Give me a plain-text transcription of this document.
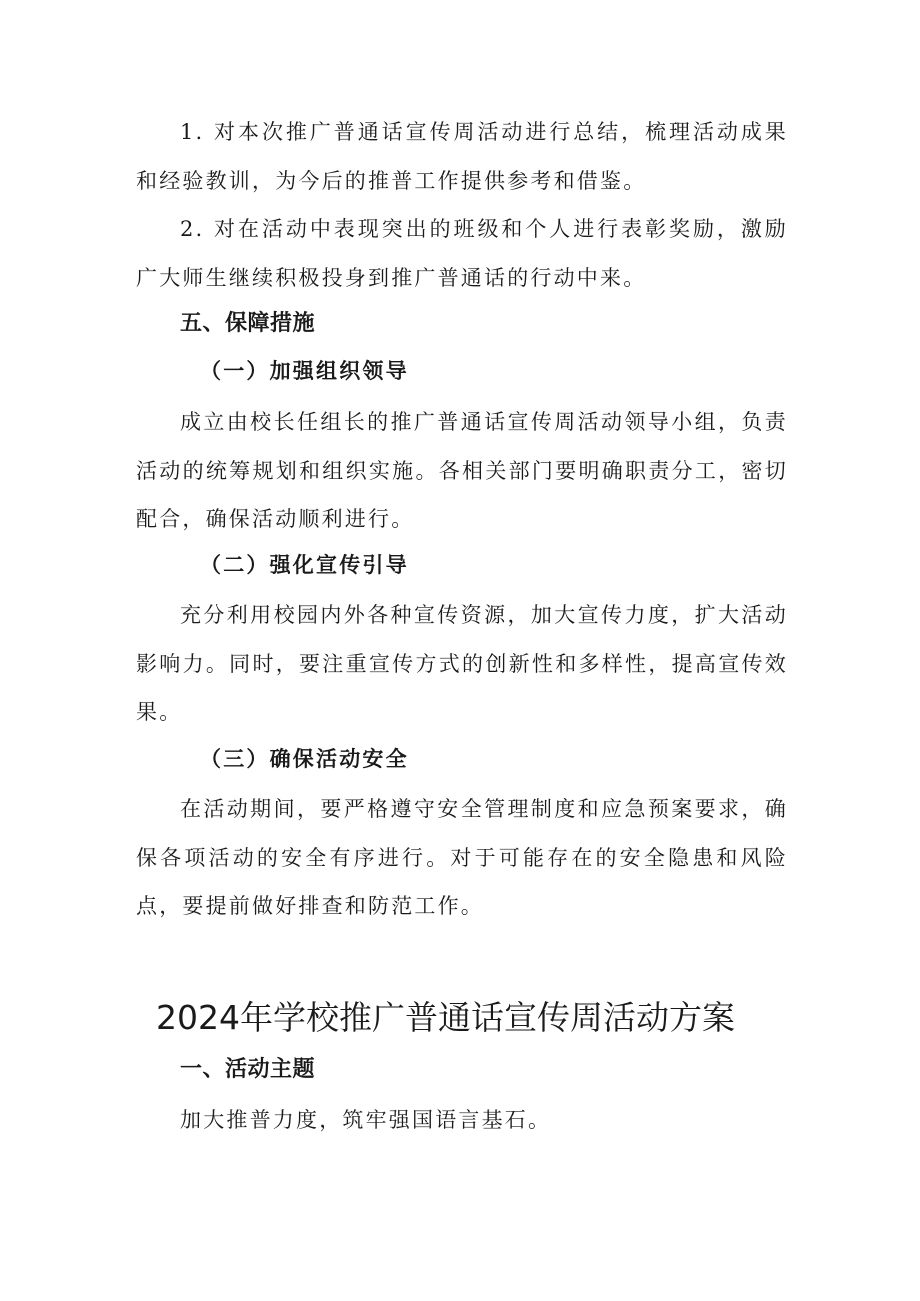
1. 对本次推广普通话宣传周活动进行总结，梳理活动成果和经验教训，为今后的推普工作提供参考和借鉴。

2. 对在活动中表现突出的班级和个人进行表彰奖励，激励广大师生继续积极投身到推广普通话的行动中来。

五、保障措施
（一）加强组织领导

成立由校长任组长的推广普通话宣传周活动领导小组，负责活动的统筹规划和组织实施。各相关部门要明确职责分工，密切配合，确保活动顺利进行。

（二）强化宣传引导

充分利用校园内外各种宣传资源，加大宣传力度，扩大活动影响力。同时，要注重宣传方式的创新性和多样性，提高宣传效果。

（三）确保活动安全

在活动期间，要严格遵守安全管理制度和应急预案要求，确保各项活动的安全有序进行。对于可能存在的安全隐患和风险点，要提前做好排查和防范工作。

2024年学校推广普通话宣传周活动方案
一、活动主题

加大推普力度，筑牢强国语言基石。
